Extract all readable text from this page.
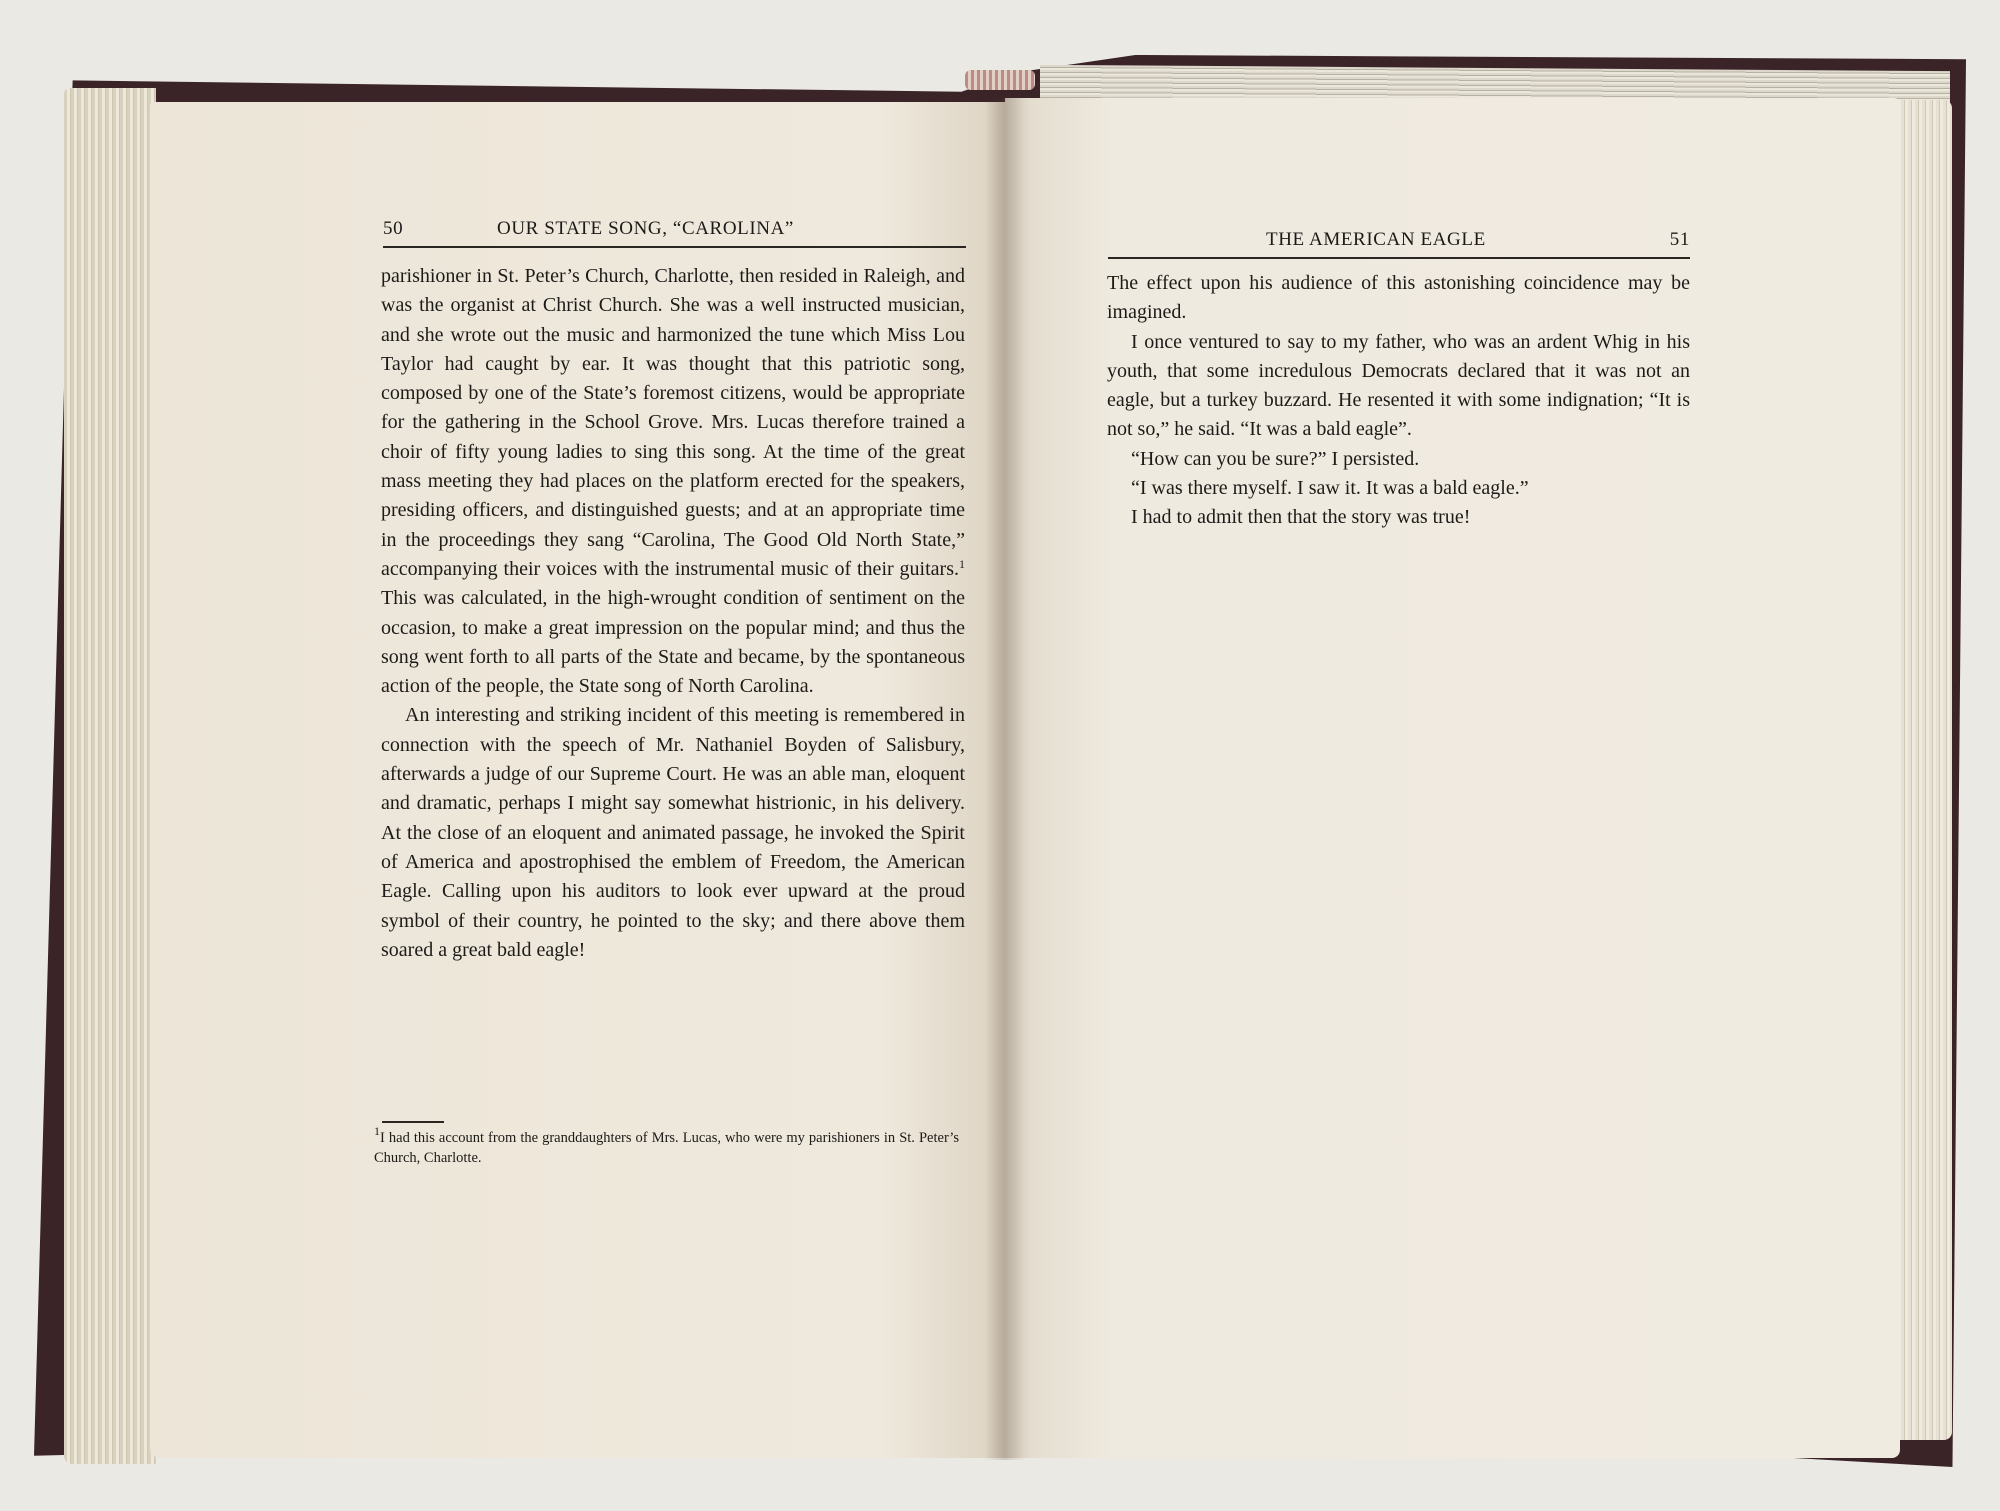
50	OUR STATE SONG, “CAROLINA”

parishioner in St. Peter’s Church, Charlotte, then resided in Raleigh, and was the organist at Christ Church. She was a well instructed musician, and she wrote out the music and harmonized the tune which Miss Lou Taylor had caught by ear. It was thought that this patriotic song, composed by one of the State’s foremost citizens, would be appropriate for the gathering in the School Grove. Mrs. Lucas therefore trained a choir of fifty young ladies to sing this song. At the time of the great mass meeting they had places on the platform erected for the speakers, presiding officers, and distinguished guests; and at an appropriate time in the proceedings they sang “Carolina, The Good Old North State,” accompanying their voices with the instrumental music of their guitars.$^1$ This was calculated, in the high-wrought condition of sentiment on the occasion, to make a great impression on the popular mind; and thus the song went forth to all parts of the State and became, by the spontaneous action of the people, the State song of North Carolina.

An interesting and striking incident of this meeting is remembered in connection with the speech of Mr. Nathaniel Boyden of Salisbury, afterwards a judge of our Supreme Court. He was an able man, eloquent and dramatic, perhaps I might say somewhat histrionic, in his delivery. At the close of an eloquent and animated passage, he invoked the Spirit of America and apostrophised the emblem of Freedom, the American Eagle. Calling upon his auditors to look ever upward at the proud symbol of their country, he pointed to the sky; and there above them soared a great bald eagle!

$^1$I had this account from the granddaughters of Mrs. Lucas, who were my parishioners in St. Peter’s Church, Charlotte.
THE AMERICAN EAGLE	51

The effect upon his audience of this astonishing coincidence may be imagined.

I once ventured to say to my father, who was an ardent Whig in his youth, that some incredulous Democrats declared that it was not an eagle, but a turkey buzzard. He resented it with some indignation; “It is not so,” he said. “It was a bald eagle”.

“How can you be sure?” I persisted.

“I was there myself. I saw it. It was a bald eagle.”

I had to admit then that the story was true!
